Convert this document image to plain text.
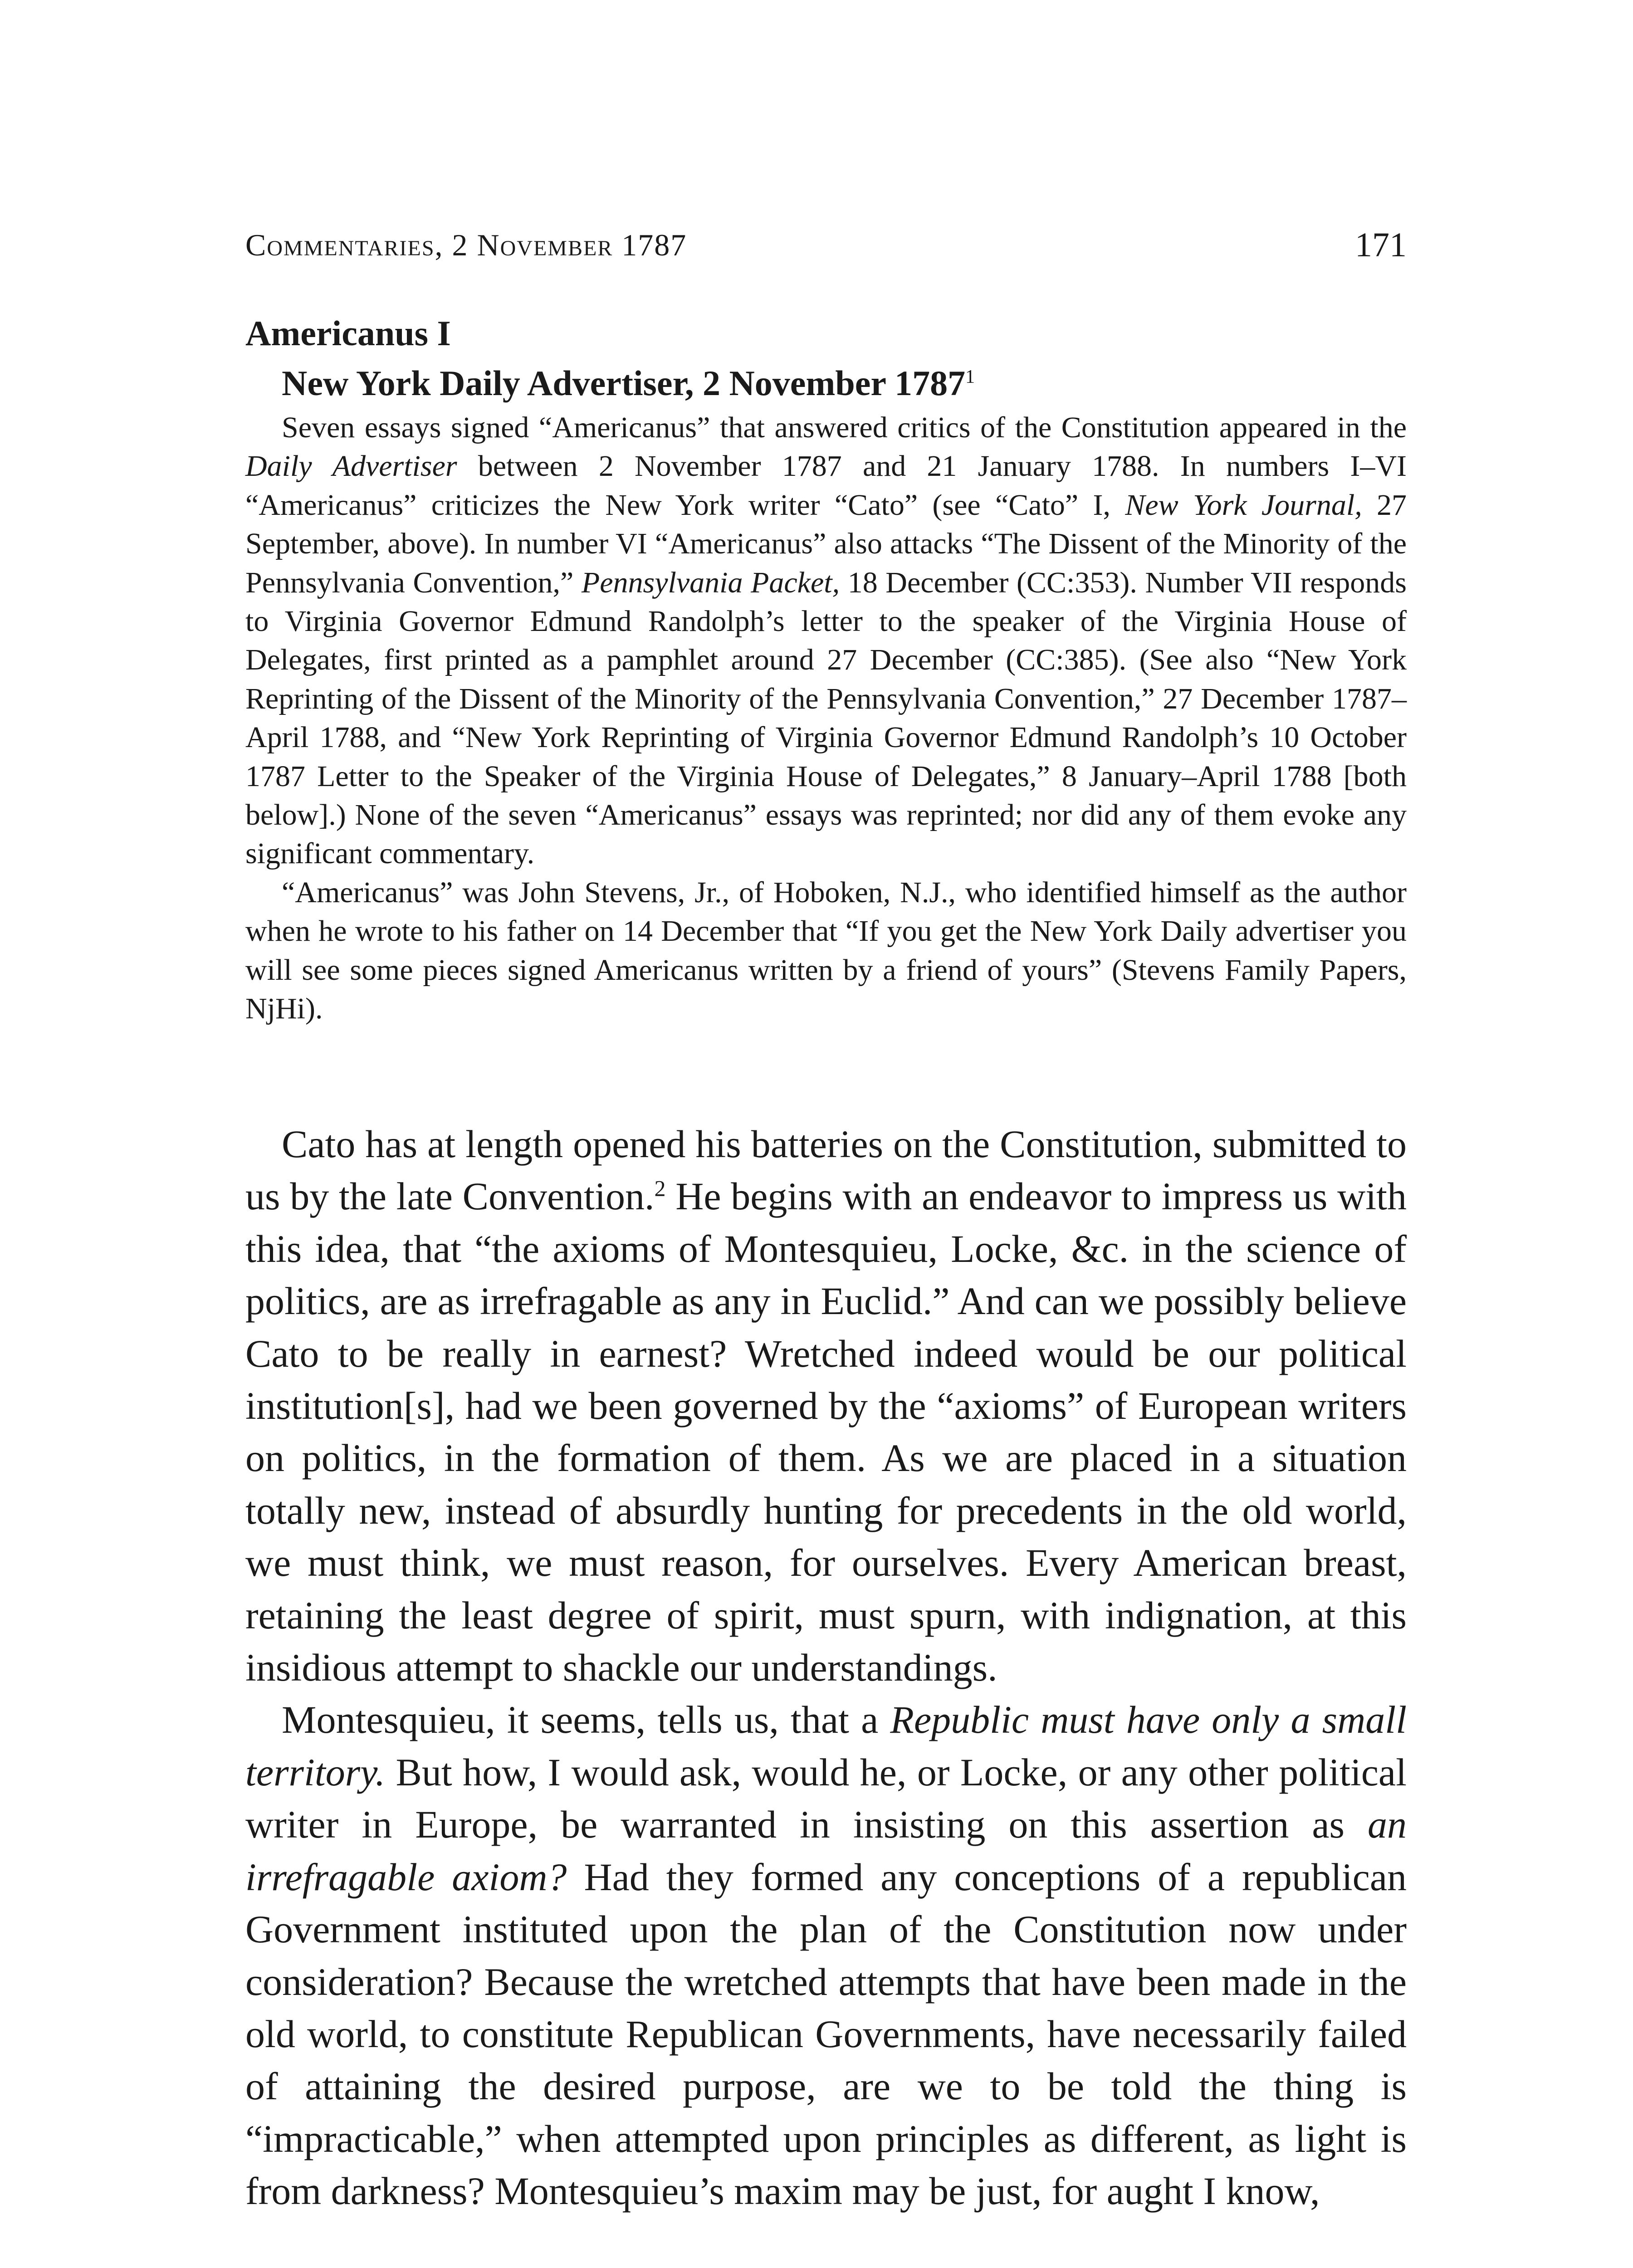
Commentaries, 2 November 1787	171
Americanus I
New York Daily Advertiser, 2 November 1787$^1$

Seven essays signed “Americanus” that answered critics of the Constitution appeared in the Daily Advertiser between 2 November 1787 and 21 January 1788. In numbers I–VI “Americanus” criticizes the New York writer “Cato” (see “Cato” I, New York Journal, 27 September, above). In number VI “Americanus” also attacks “The Dissent of the Minority of the Pennsylvania Convention,” Pennsylvania Packet, 18 December (CC:353). Number VII responds to Virginia Governor Edmund Randolph’s letter to the speaker of the Virginia House of Delegates, first printed as a pamphlet around 27 December (CC:385). (See also “New York Reprinting of the Dissent of the Minority of the Pennsylvania Convention,” 27 December 1787–April 1788, and “New York Reprinting of Virginia Governor Edmund Randolph’s 10 October 1787 Letter to the Speaker of the Virginia House of Delegates,” 8 January–April 1788 [both below].) None of the seven “Americanus” essays was reprinted; nor did any of them evoke any significant commentary.

“Americanus” was John Stevens, Jr., of Hoboken, N.J., who identified himself as the author when he wrote to his father on 14 December that “If you get the New York Daily advertiser you will see some pieces signed Americanus written by a friend of yours” (Stevens Family Papers, NjHi).

Cato has at length opened his batteries on the Constitution, submitted to us by the late Convention.$^2$ He begins with an endeavor to impress us with this idea, that “the axioms of Montesquieu, Locke, &c. in the science of politics, are as irrefragable as any in Euclid.” And can we possibly believe Cato to be really in earnest? Wretched indeed would be our political institution[s], had we been governed by the “axioms” of European writers on politics, in the formation of them. As we are placed in a situation totally new, instead of absurdly hunting for precedents in the old world, we must think, we must reason, for ourselves. Every American breast, retaining the least degree of spirit, must spurn, with indignation, at this insidious attempt to shackle our understandings.

Montesquieu, it seems, tells us, that a Republic must have only a small territory. But how, I would ask, would he, or Locke, or any other political writer in Europe, be warranted in insisting on this assertion as an irrefragable axiom? Had they formed any conceptions of a republican Government instituted upon the plan of the Constitution now under consideration? Because the wretched attempts that have been made in the old world, to constitute Republican Governments, have necessarily failed of attaining the desired purpose, are we to be told the thing is “impracticable,” when attempted upon principles as different, as light is from darkness? Montesquieu’s maxim may be just, for aught I know,
